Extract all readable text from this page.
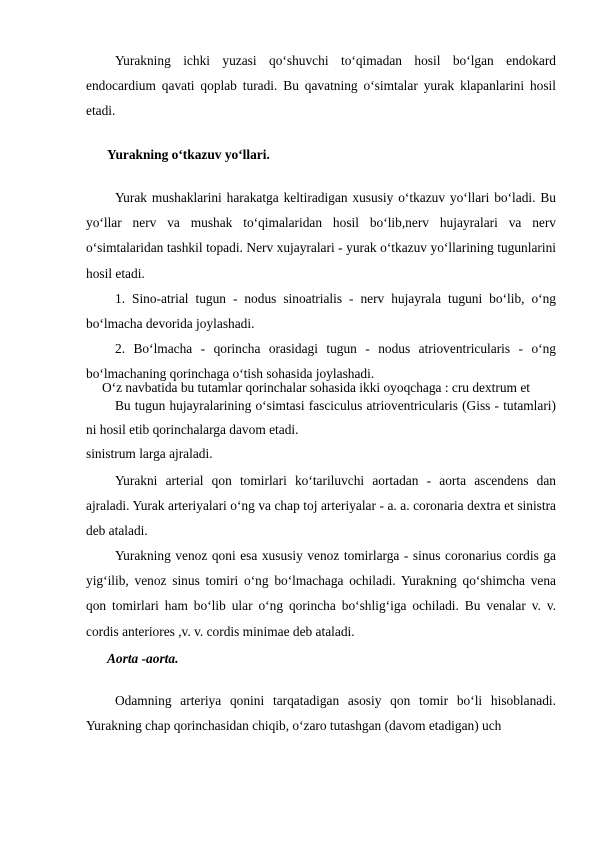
Yurakning ichki yuzasi qo‘shuvchi to‘qimadan hosil bo‘lgan endokard endocardium qavati qoplab turadi. Bu qavatning o‘simtalar yurak klapanlarini hosil etadi.

Yurakning o‘tkazuv yo‘llari.

Yurak mushaklarini harakatga keltiradigan xususiy o‘tkazuv yo‘llari bo‘ladi. Bu yo‘llar nerv va mushak to‘qimalaridan hosil bo‘lib,nerv hujayralari va nerv o‘simtalaridan tashkil topadi. Nerv xujayralari - yurak o‘tkazuv yo‘llarining tugunlarini hosil etadi.

1. Sino-atrial tugun - nodus sinoatrialis - nerv hujayrala tuguni bo‘lib, o‘ng bo‘lmacha devorida joylashadi.

2. Bo‘lmacha - qorincha orasidagi tugun - nodus atrioventricularis - o‘ng bo‘lmachaning qorinchaga o‘tish sohasida joylashadi.

O‘z navbatida bu tutamlar qorinchalar sohasida ikki oyoqchaga : cru dextrum et

Bu tugun hujayralarining o‘simtasi fasciculus atrioventricularis (Giss - tutamlari) ni hosil etib qorinchalarga davom etadi.

sinistrum larga ajraladi.

Yurakni arterial qon tomirlari ko‘tariluvchi aortadan - aorta ascendens dan ajraladi. Yurak arteriyalari o‘ng va chap toj arteriyalar - a. a. coronaria dextra et sinistra deb ataladi.

Yurakning venoz qoni esa xususiy venoz tomirlarga - sinus coronarius cordis ga yig‘ilib, venoz sinus tomiri o‘ng bo‘lmachaga ochiladi. Yurakning qo‘shimcha vena qon tomirlari ham bo‘lib ular o‘ng qorincha bo‘shlig‘iga ochiladi. Bu venalar v. v. cordis anteriores ,v. v. cordis minimae deb ataladi.

Aorta -aorta.

Odamning arteriya qonini tarqatadigan asosiy qon tomir bo‘li hisoblanadi. Yurakning chap qorinchasidan chiqib, o‘zaro tutashgan (davom etadigan) uch
